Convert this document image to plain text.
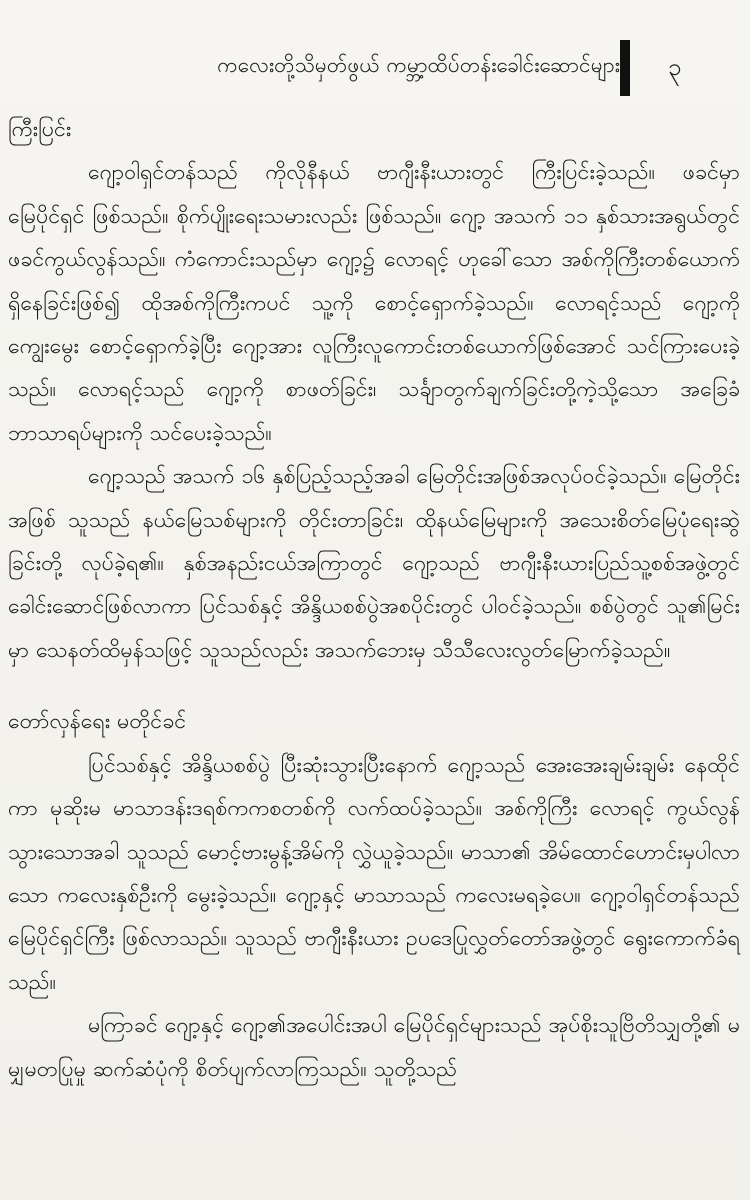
ကလေးတို့သိမှတ်ဖွယ် ကမ္ဘာ့ထိပ်တန်းခေါင်းဆောင်များ ၃
ကြီးပြင်း

ဂျော့ဝါရှင်တန်သည် ကိုလိုနီနယ် ဗာဂျီးနီးယားတွင် ကြီးပြင်းခဲ့သည်။ ဖခင်မှာ မြေပိုင်ရှင် ဖြစ်သည်။ စိုက်ပျိုးရေးသမားလည်း ဖြစ်သည်။ ဂျော့ အသက် ၁၁ နှစ်သားအရွယ်တွင် ဖခင်ကွယ်လွန်သည်။ ကံကောင်းသည်မှာ ဂျော့၌ လောရင့် ဟုခေါ်သော အစ်ကိုကြီးတစ်ယောက် ရှိနေခြင်းဖြစ်၍ ထိုအစ်ကိုကြီးကပင် သူ့ကို စောင့်ရှောက်ခဲ့သည်။ လောရင့်သည် ဂျော့ကို ကျွေးမွေး စောင့်ရှောက်ခဲ့ပြီး ဂျော့အား လူကြီးလူကောင်းတစ်ယောက်ဖြစ်အောင် သင်ကြားပေးခဲ့သည်။ လောရင့်သည် ဂျော့ကို စာဖတ်ခြင်း၊ သင်္ချာတွက်ချက်ခြင်းတို့ကဲ့သို့သော အခြေခံဘာသာရပ်များကို သင်ပေးခဲ့သည်။

ဂျော့သည် အသက် ၁၆ နှစ်ပြည့်သည့်အခါ မြေတိုင်းအဖြစ်အလုပ်ဝင်ခဲ့သည်။ မြေတိုင်းအဖြစ် သူသည် နယ်မြေသစ်များကို တိုင်းတာခြင်း၊ ထိုနယ်မြေများကို အသေးစိတ်မြေပုံရေးဆွဲခြင်းတို့ လုပ်ခဲ့ရ၏။ နှစ်အနည်းငယ်အကြာတွင် ဂျော့သည် ဗာဂျီးနီးယားပြည်သူ့စစ်အဖွဲ့တွင် ခေါင်းဆောင်ဖြစ်လာကာ ပြင်သစ်နှင့် အိန္ဒိယစစ်ပွဲအစပိုင်းတွင် ပါဝင်ခဲ့သည်။ စစ်ပွဲတွင် သူ၏မြင်းမှာ သေနတ်ထိမှန်သဖြင့် သူသည်လည်း အသက်ဘေးမှ သီသီလေးလွတ်မြောက်ခဲ့သည်။

တော်လှန်ရေး မတိုင်ခင်

ပြင်သစ်နှင့် အိန္ဒိယစစ်ပွဲ ပြီးဆုံးသွားပြီးနောက် ဂျော့သည် အေးအေးချမ်းချမ်း နေထိုင်ကာ မုဆိုးမ မာသာဒန်းဒရစ်ကကစတစ်ကို လက်ထပ်ခဲ့သည်။ အစ်ကိုကြီး လောရင့် ကွယ်လွန်သွားသောအခါ သူသည် မောင့်ဗားမွန့်အိမ်ကို လွှဲယူခဲ့သည်။ မာသာ၏ အိမ်ထောင်ဟောင်းမှပါလာသော ကလေးနှစ်ဦးကို မွေးခဲ့သည်။ ဂျော့နှင့် မာသာသည် ကလေးမရခဲ့ပေ။ ဂျော့ဝါရှင်တန်သည် မြေပိုင်ရှင်ကြီး ဖြစ်လာသည်။ သူသည် ဗာဂျီးနီးယား ဥပဒေပြုလွှတ်တော်အဖွဲ့တွင် ရွေးကောက်ခံရသည်။

မကြာခင် ဂျော့နှင့် ဂျော့၏အပေါင်းအပါ မြေပိုင်ရှင်များသည် အုပ်စိုးသူဗြိတိသျှတို့၏ မမျှမတပြုမှု ဆက်ဆံပုံကို စိတ်ပျက်လာကြသည်။ သူတို့သည်
